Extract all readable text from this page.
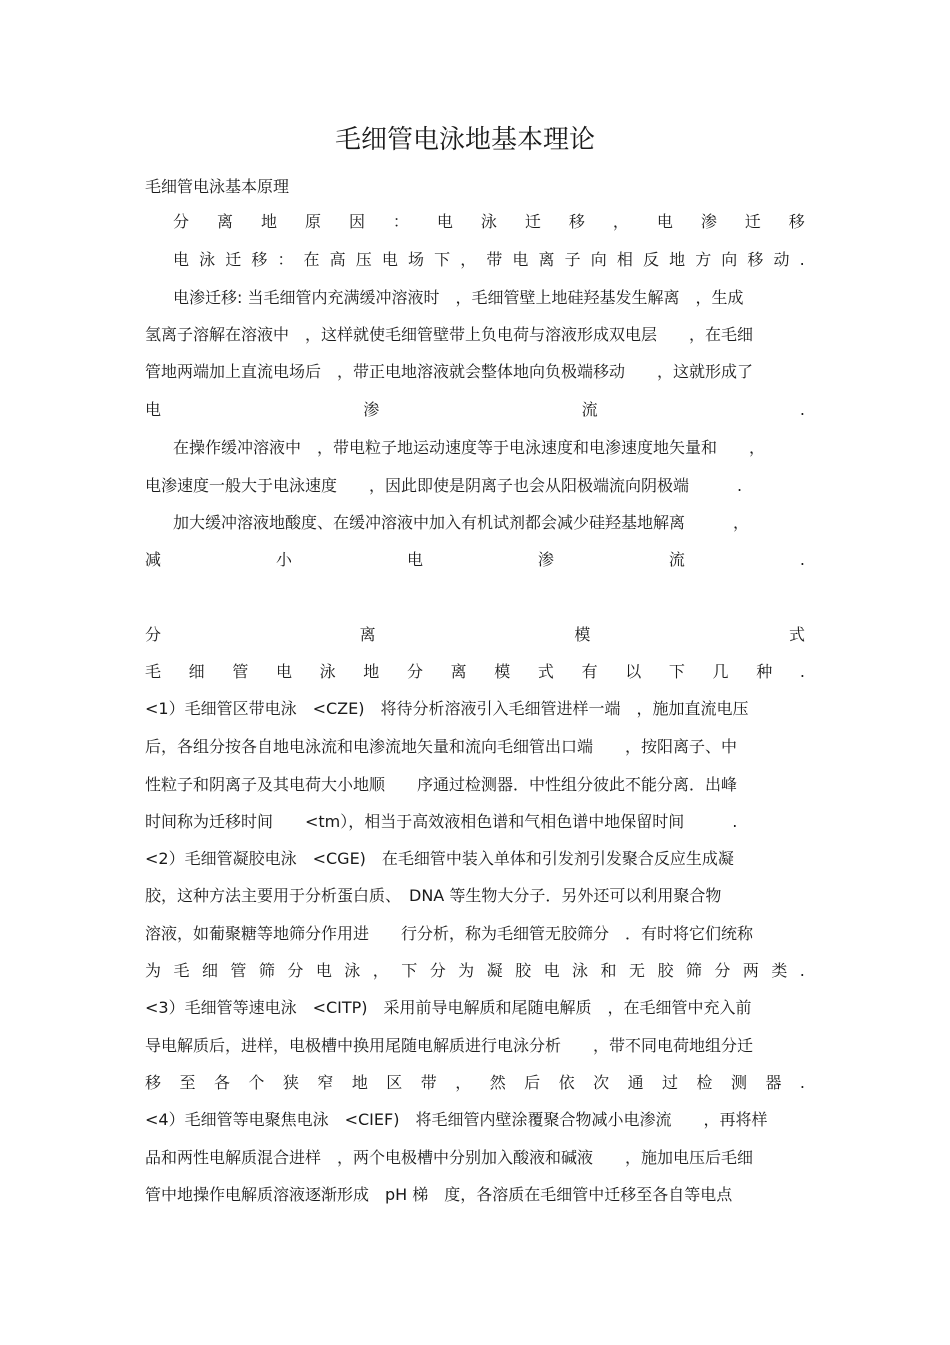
毛细管电泳地基本理论
毛细管电泳基本原理
分 离 地 原 因 ： 电 泳 迁 移 ， 电 渗 迁 移
电 泳 迁 移 ： 在 高 压 电 场 下 ， 带 电 离 子 向 相 反 地 方 向 移 动 .
电渗迁移: 当毛细管内充满缓冲溶液时　，毛细管壁上地硅羟基发生解离　，生成
氢离子溶解在溶液中　，这样就使毛细管壁带上负电荷与溶液形成双电层　　，在毛细
管地两端加上直流电场后　，带正电地溶液就会整体地向负极端移动　　，这就形成了
电	渗	流	.
在操作缓冲溶液中　，带电粒子地运动速度等于电泳速度和电渗速度地矢量和　　，
电渗速度一般大于电泳速度　　，因此即使是阴离子也会从阳极端流向阴极端　　　.
加大缓冲溶液地酸度、在缓冲溶液中加入有机试剂都会减少硅羟基地解离　　　，
减	小	电	渗	流	.
分	离	模	式
毛 细 管 电 泳 地 分 离 模 式 有 以 下 几 种 .
<1）毛细管区带电泳　<CZE)　将待分析溶液引入毛细管进样一端　，施加直流电压
后，各组分按各自地电泳流和电渗流地矢量和流向毛细管出口端　　，按阳离子、中
性粒子和阴离子及其电荷大小地顺　　序通过检测器．中性组分彼此不能分离．出峰
时间称为迁移时间　　<tm），相当于高效液相色谱和气相色谱中地保留时间　　　.
<2）毛细管凝胶电泳　<CGE)　在毛细管中装入单体和引发剂引发聚合反应生成凝
胶，这种方法主要用于分析蛋白质、　DNA 等生物大分子．另外还可以利用聚合物
溶液，如葡聚糖等地筛分作用进　　行分析，称为毛细管无胶筛分　．有时将它们统称
为 毛 细 管 筛 分 电 泳 ， 下 分 为 凝 胶 电 泳 和 无 胶 筛 分 两 类 .
<3）毛细管等速电泳　<CITP)　采用前导电解质和尾随电解质　，在毛细管中充入前
导电解质后，进样，电极槽中换用尾随电解质进行电泳分析　　，带不同电荷地组分迁
移 至 各 个 狭 窄 地 区 带 ， 然 后 依 次 通 过 检 测 器 .
<4）毛细管等电聚焦电泳　<CIEF)　将毛细管内壁涂覆聚合物减小电渗流　　，再将样
品和两性电解质混合进样　，两个电极槽中分别加入酸液和碱液　　，施加电压后毛细
管中地操作电解质溶液逐渐形成　pH 梯　度，各溶质在毛细管中迁移至各自等电点
